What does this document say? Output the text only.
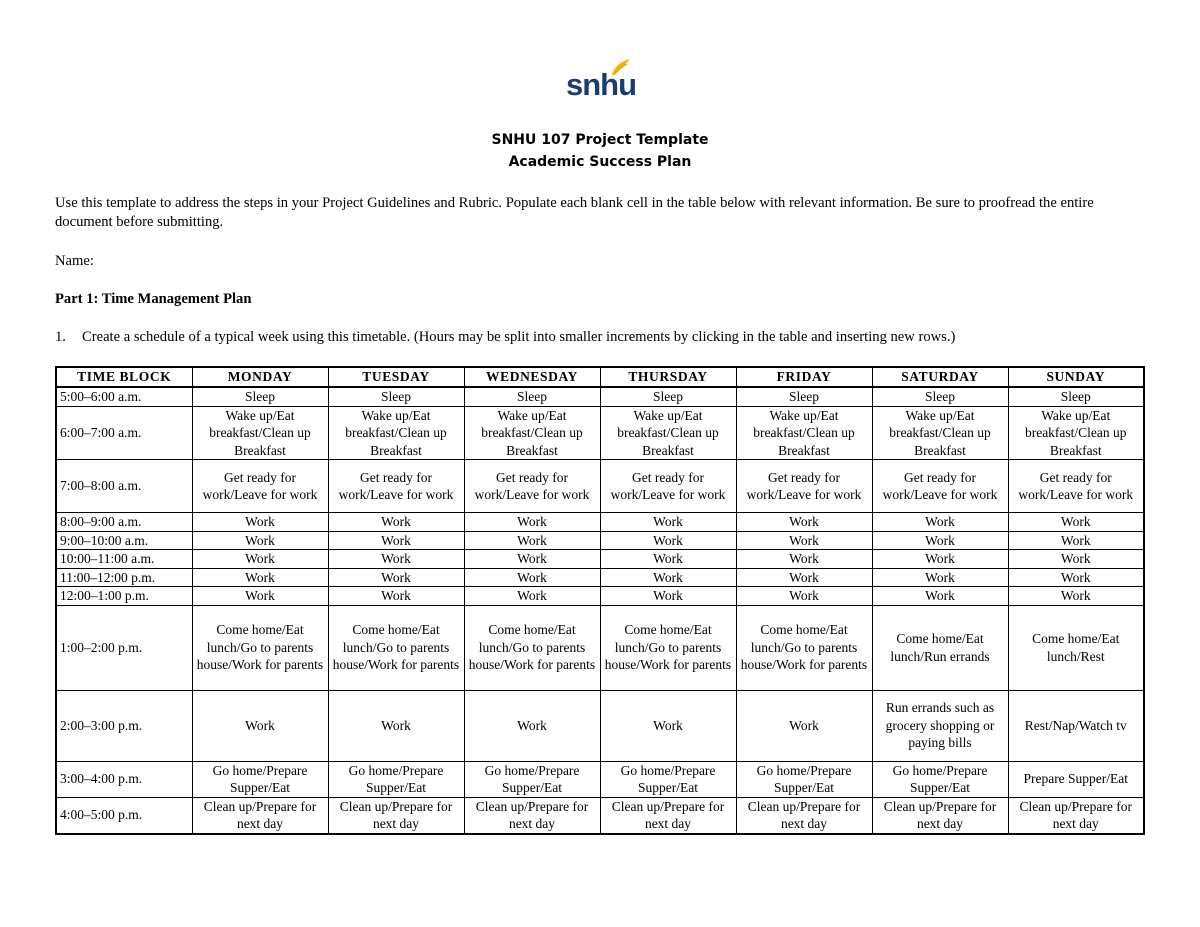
snhu
SNHU 107 Project Template
Academic Success Plan
Use this template to address the steps in your Project Guidelines and Rubric. Populate each blank cell in the table below with relevant information. Be sure to proofread the entire document before submitting.
Name:
Part 1: Time Management Plan
1. Create a schedule of a typical week using this timetable. (Hours may be split into smaller increments by clicking in the table and inserting new rows.)
TIME BLOCK	MONDAY	TUESDAY	WEDNESDAY	THURSDAY	FRIDAY	SATURDAY	SUNDAY
5:00–6:00 a.m.	Sleep	Sleep	Sleep	Sleep	Sleep	Sleep	Sleep
6:00–7:00 a.m.	Wake up/Eat breakfast/Clean up Breakfast	Wake up/Eat breakfast/Clean up Breakfast	Wake up/Eat breakfast/Clean up Breakfast	Wake up/Eat breakfast/Clean up Breakfast	Wake up/Eat breakfast/Clean up Breakfast	Wake up/Eat breakfast/Clean up Breakfast	Wake up/Eat breakfast/Clean up Breakfast
7:00–8:00 a.m.	Get ready for work/Leave for work	Get ready for work/Leave for work	Get ready for work/Leave for work	Get ready for work/Leave for work	Get ready for work/Leave for work	Get ready for work/Leave for work	Get ready for work/Leave for work
8:00–9:00 a.m.	Work	Work	Work	Work	Work	Work	Work
9:00–10:00 a.m.	Work	Work	Work	Work	Work	Work	Work
10:00–11:00 a.m.	Work	Work	Work	Work	Work	Work	Work
11:00–12:00 p.m.	Work	Work	Work	Work	Work	Work	Work
12:00–1:00 p.m.	Work	Work	Work	Work	Work	Work	Work
1:00–2:00 p.m.	Come home/Eat lunch/Go to parents house/Work for parents	Come home/Eat lunch/Go to parents house/Work for parents	Come home/Eat lunch/Go to parents house/Work for parents	Come home/Eat lunch/Go to parents house/Work for parents	Come home/Eat lunch/Go to parents house/Work for parents	Come home/Eat lunch/Run errands	Come home/Eat lunch/Rest
2:00–3:00 p.m.	Work	Work	Work	Work	Work	Run errands such as grocery shopping or paying bills	Rest/Nap/Watch tv
3:00–4:00 p.m.	Go home/Prepare Supper/Eat	Go home/Prepare Supper/Eat	Go home/Prepare Supper/Eat	Go home/Prepare Supper/Eat	Go home/Prepare Supper/Eat	Go home/Prepare Supper/Eat	Prepare Supper/Eat
4:00–5:00 p.m.	Clean up/Prepare for next day	Clean up/Prepare for next day	Clean up/Prepare for next day	Clean up/Prepare for next day	Clean up/Prepare for next day	Clean up/Prepare for next day	Clean up/Prepare for next day
